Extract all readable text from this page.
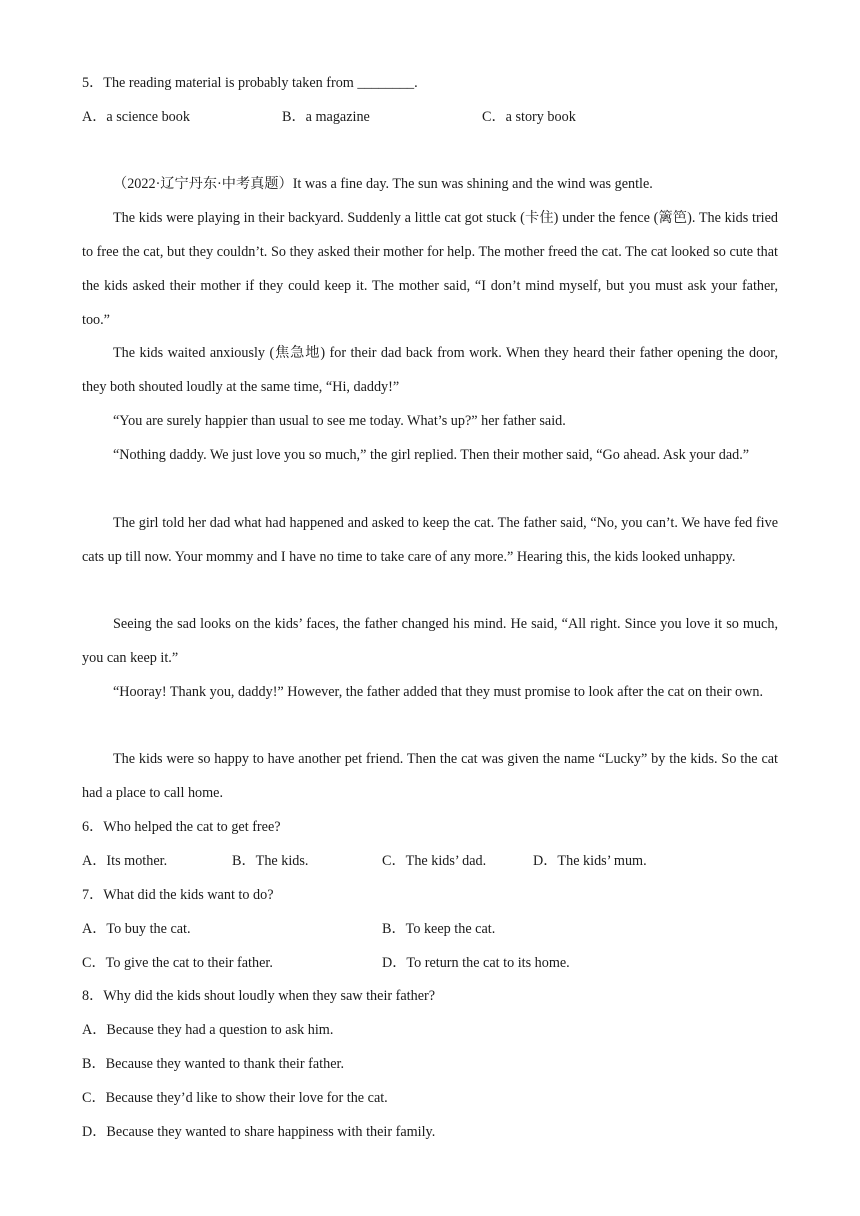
5．The reading material is probably taken from ________.
A．a science book	B．a magazine	C．a story book
（2022·辽宁丹东·中考真题）It was a fine day. The sun was shining and the wind was gentle.
The kids were playing in their backyard. Suddenly a little cat got stuck (卡住) under the fence (篱笆). The kids tried to free the cat, but they couldn’t. So they asked their mother for help. The mother freed the cat. The cat looked so cute that the kids asked their mother if they could keep it. The mother said, “I don’t mind myself, but you must ask your father, too.”
The kids waited anxiously (焦急地) for their dad back from work. When they heard their father opening the door, they both shouted loudly at the same time, “Hi, daddy!”
“You are surely happier than usual to see me today. What’s up?” her father said.
“Nothing daddy. We just love you so much,” the girl replied. Then their mother said, “Go ahead. Ask your dad.”
The girl told her dad what had happened and asked to keep the cat. The father said, “No, you can’t. We have fed five cats up till now. Your mommy and I have no time to take care of any more.” Hearing this, the kids looked unhappy.
Seeing the sad looks on the kids’ faces, the father changed his mind. He said, “All right. Since you love it so much, you can keep it.”
“Hooray! Thank you, daddy!” However, the father added that they must promise to look after the cat on their own.
The kids were so happy to have another pet friend. Then the cat was given the name “Lucky” by the kids. So the cat had a place to call home.
6．Who helped the cat to get free?
A．Its mother.	B．The kids.	C．The kids’ dad.	D．The kids’ mum.
7．What did the kids want to do?
A．To buy the cat.	B．To keep the cat.
C．To give the cat to their father.	D．To return the cat to its home.
8．Why did the kids shout loudly when they saw their father?
A．Because they had a question to ask him.
B．Because they wanted to thank their father.
C．Because they’d like to show their love for the cat.
D．Because they wanted to share happiness with their family.
